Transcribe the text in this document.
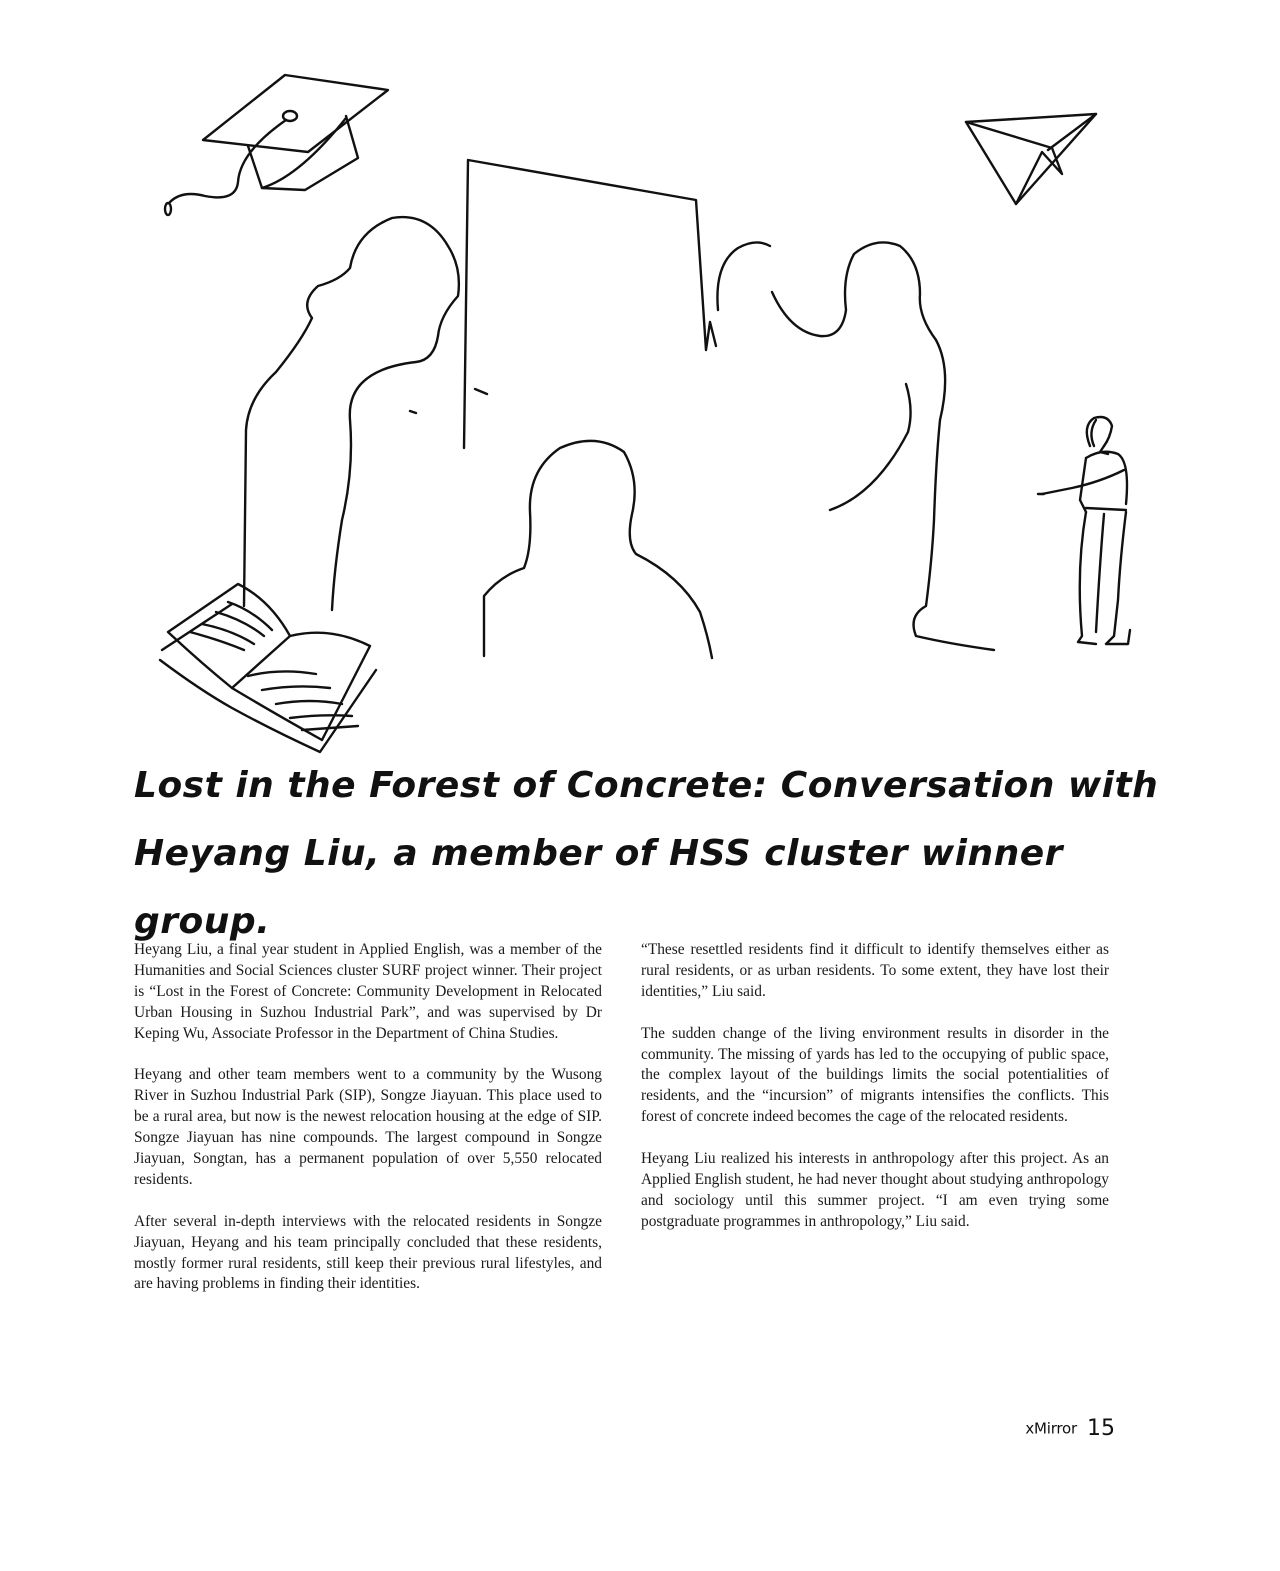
Lost in the Forest of Concrete: Conversation with Heyang Liu, a member of HSS cluster winner group.

Heyang Liu, a final year student in Applied English, was a member of the Humanities and Social Sciences cluster SURF project winner. Their project is “Lost in the Forest of Concrete: Community Development in Relocated Urban Housing in Suzhou Industrial Park”, and was supervised by Dr Keping Wu, Associate Professor in the Department of China Studies.

Heyang and other team members went to a community by the Wusong River in Suzhou Industrial Park (SIP), Songze Jiayuan. This place used to be a rural area, but now is the newest relocation housing at the edge of SIP. Songze Jiayuan has nine compounds. The largest compound in Songze Jiayuan, Songtan, has a permanent population of over 5,550 relocated residents.

After several in-depth interviews with the relocated residents in Songze Jiayuan, Heyang and his team principally concluded that these residents, mostly former rural residents, still keep their previous rural lifestyles, and are having problems in finding their identities.

“These resettled residents find it difficult to identify themselves either as rural residents, or as urban residents. To some extent, they have lost their identities,” Liu said.

The sudden change of the living environment results in disorder in the community. The missing of yards has led to the occupying of public space, the complex layout of the buildings limits the social potentialities of residents, and the “incursion” of migrants intensifies the conflicts. This forest of concrete indeed becomes the cage of the relocated residents.

Heyang Liu realized his interests in anthropology after this project. As an Applied English student, he had never thought about studying anthropology and sociology until this summer project. “I am even trying some postgraduate programmes in anthropology,” Liu said.

xMirror 15
